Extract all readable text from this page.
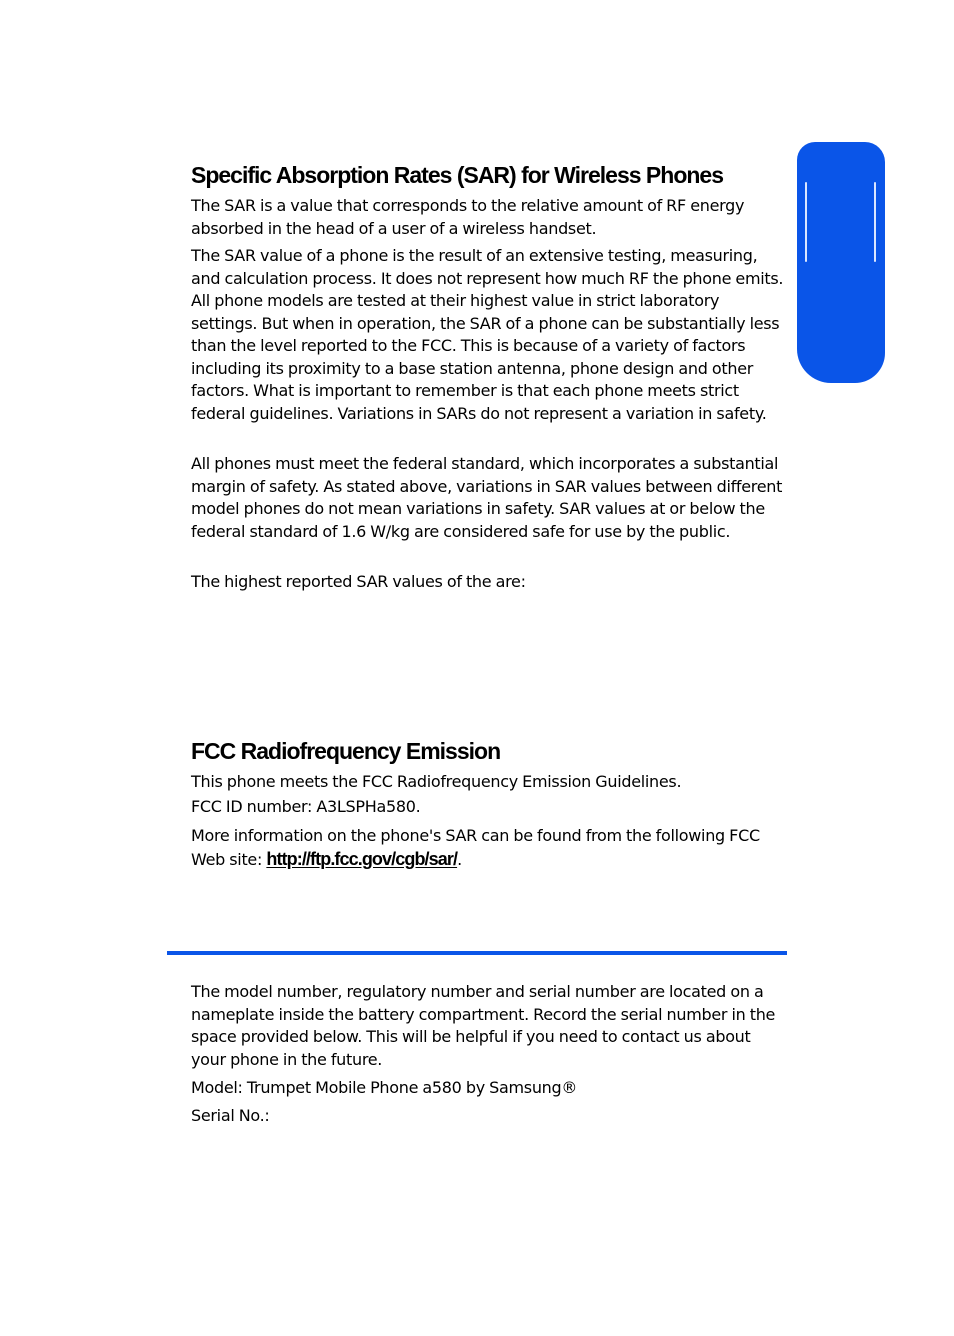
Specific Absorption Rates (SAR) for Wireless Phones

The SAR is a value that corresponds to the relative amount of RF energy absorbed in the head of a user of a wireless handset.

The SAR value of a phone is the result of an extensive testing, measuring, and calculation process. It does not represent how much RF the phone emits. All phone models are tested at their highest value in strict laboratory settings. But when in operation, the SAR of a phone can be substantially less than the level reported to the FCC. This is because of a variety of factors including its proximity to a base station antenna, phone design and other factors. What is important to remember is that each phone meets strict federal guidelines. Variations in SARs do not represent a variation in safety.

All phones must meet the federal standard, which incorporates a substantial margin of safety. As stated above, variations in SAR values between different model phones do not mean variations in safety. SAR values at or below the federal standard of 1.6 W/kg are considered safe for use by the public.

The highest reported SAR values of the are:

FCC Radiofrequency Emission

This phone meets the FCC Radiofrequency Emission Guidelines.

FCC ID number: A3LSPHa580.

More information on the phone's SAR can be found from the following FCC Web site: http://ftp.fcc.gov/cgb/sar/.

The model number, regulatory number and serial number are located on a nameplate inside the battery compartment. Record the serial number in the space provided below. This will be helpful if you need to contact us about your phone in the future.

Model: Trumpet Mobile Phone a580 by Samsung®

Serial No.:
